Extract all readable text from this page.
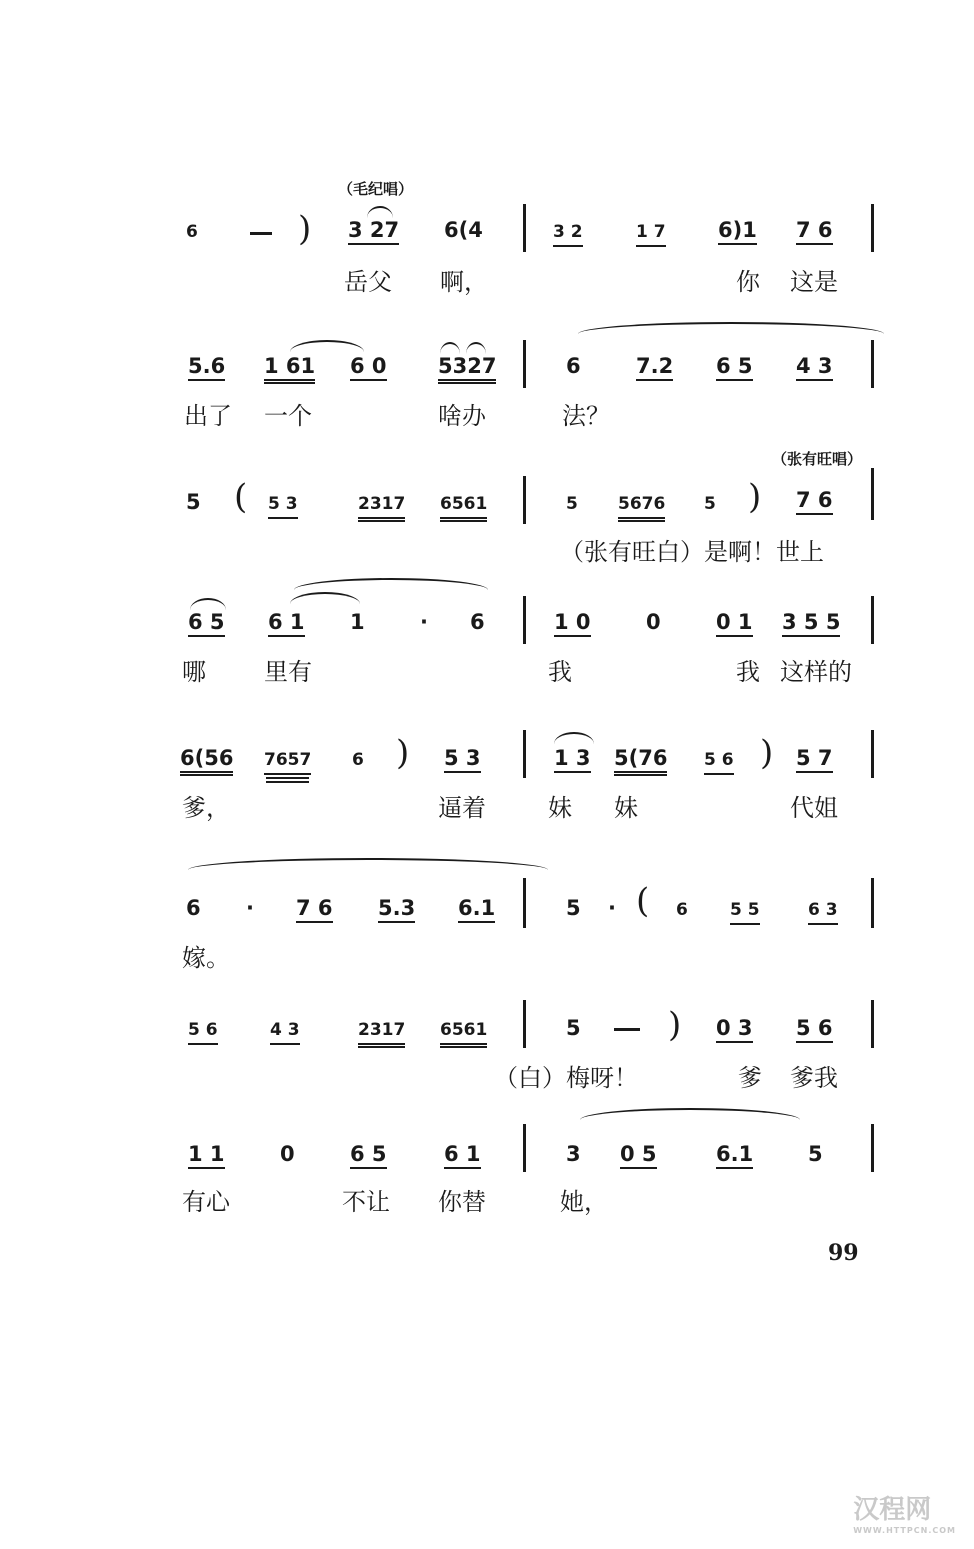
（毛纪唱）
6	) 3 27 6(4	3 2	1 7 6)1 7 6
岳父 啊，	你 这是
5.6 1 61 6 0 5327	6	7.2 6 5 4 3
出了 一个	啥办	法？
（张有旺唱）
5 ( 5 3	2317 6561	5 5676 5 ) 7 6
（张有旺白）是啊！世上
6 5 6 1 1	· 6	1 0	0	0 1 3 5 5
哪 里有	我	我 这样的
6(56 7657 6 ) 5 3	1 3 5(76 5 6 ) 5 7
爹，	逼着	妹 妹	代姐
6 · 7 6 5.3 6.1	5 · ( 6 5 5	6 3
嫁。
5 6	4 3	2317 6561	5	) 0 3 5 6
（白）梅呀！	爹 爹我
1 1	0	6 5	6 1	3 0 5	6.1	5
有心	不让 你替	她，
99
汉程网
WWW.HTTPCN.COM
